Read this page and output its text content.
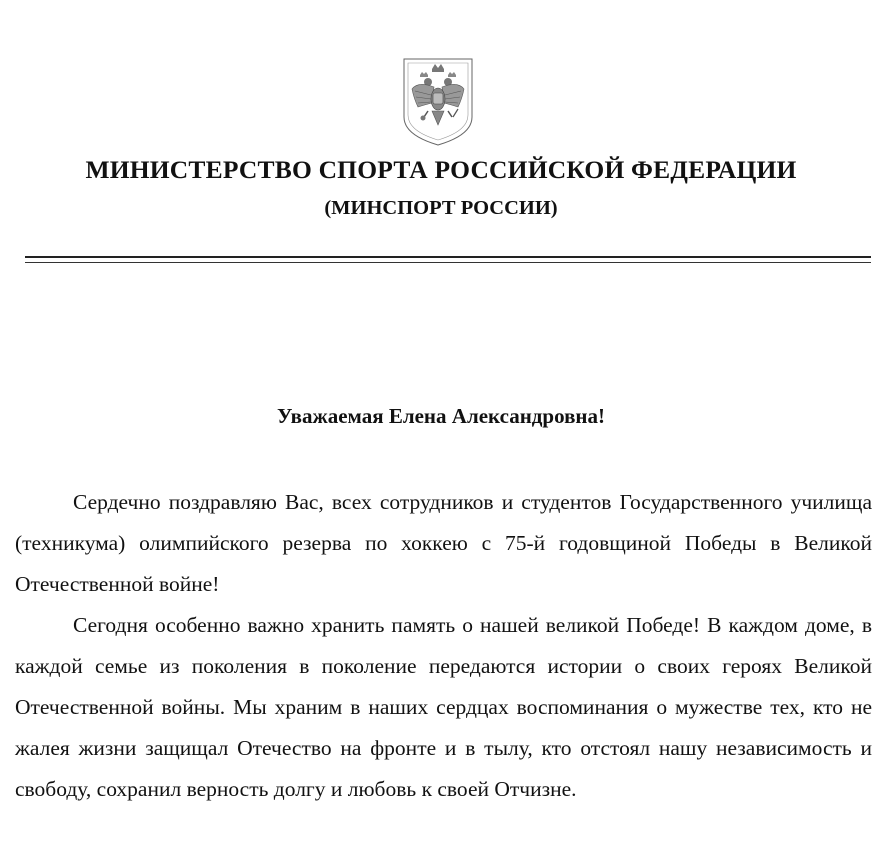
МИНИСТЕРСТВО СПОРТА РОССИЙСКОЙ ФЕДЕРАЦИИ
(МИНСПОРТ РОССИИ)
Уважаемая Елена Александровна!

Сердечно поздравляю Вас, всех сотрудников и студентов Государственного училища (техникума) олимпийского резерва по хоккею с 75-й годовщиной Победы в Великой Отечественной войне!

Сегодня особенно важно хранить память о нашей великой Победе! В каждом доме, в каждой семье из поколения в поколение передаются истории о своих героях Великой Отечественной войны. Мы храним в наших сердцах воспоминания о мужестве тех, кто не жалея жизни защищал Отечество на фронте и в тылу, кто отстоял нашу независимость и свободу, сохранил верность долгу и любовь к своей Отчизне.
